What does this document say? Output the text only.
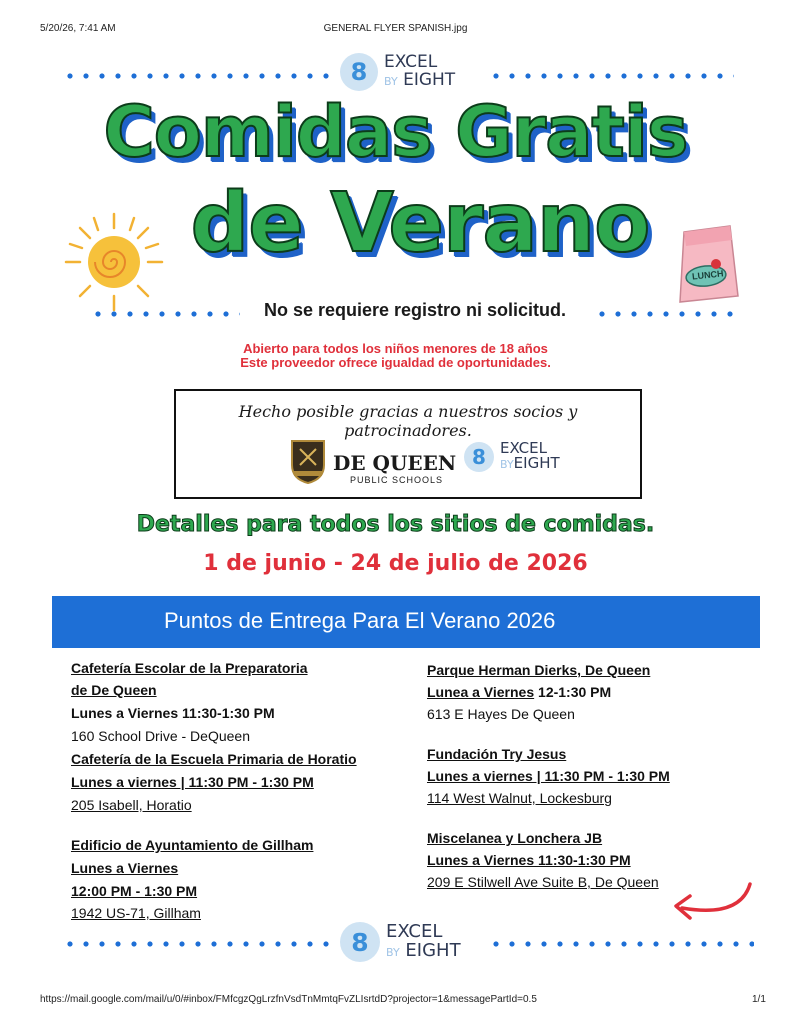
5/20/26, 7:41 AM	GENERAL FLYER SPANISH.jpg
8 EXCEL
BY EIGHT
Comidas Gratis
de Verano
LUNCH
No se requiere registro ni solicitud.
Abierto para todos los niños menores de 18 años
Este proveedor ofrece igualdad de oportunidades.
Hecho posible gracias a nuestros socios y patrocinadores.
DE QUEEN
PUBLIC SCHOOLS
8 EXCEL
BYEIGHT
Detalles para todos los sitios de comidas.
1 de junio - 24 de julio de 2026
Puntos de Entrega Para El Verano 2026
Cafetería Escolar de la Preparatoria
de De Queen
Lunes a Viernes 11:30-1:30 PM
160 School Drive - DeQueen
Cafetería de la Escuela Primaria de Horatio
Lunes a viernes | 11:30 PM - 1:30 PM
205 Isabell, Horatio
Edificio de Ayuntamiento de Gillham
Lunes a Viernes
12:00 PM - 1:30 PM
1942 US-71, Gillham
Parque Herman Dierks, De Queen
Lunea a Viernes 12-1:30 PM
613 E Hayes De Queen
Fundación Try Jesus
Lunes a viernes | 11:30 PM - 1:30 PM
114 West Walnut, Lockesburg
Miscelanea y Lonchera JB
Lunes a Viernes 11:30-1:30 PM
209 E Stilwell Ave Suite B, De Queen
8 EXCEL
BY EIGHT
https://mail.google.com/mail/u/0/#inbox/FMfcgzQgLrzfnVsdTnMmtqFvZLIsrtdD?projector=1&messagePartId=0.5	1/1
